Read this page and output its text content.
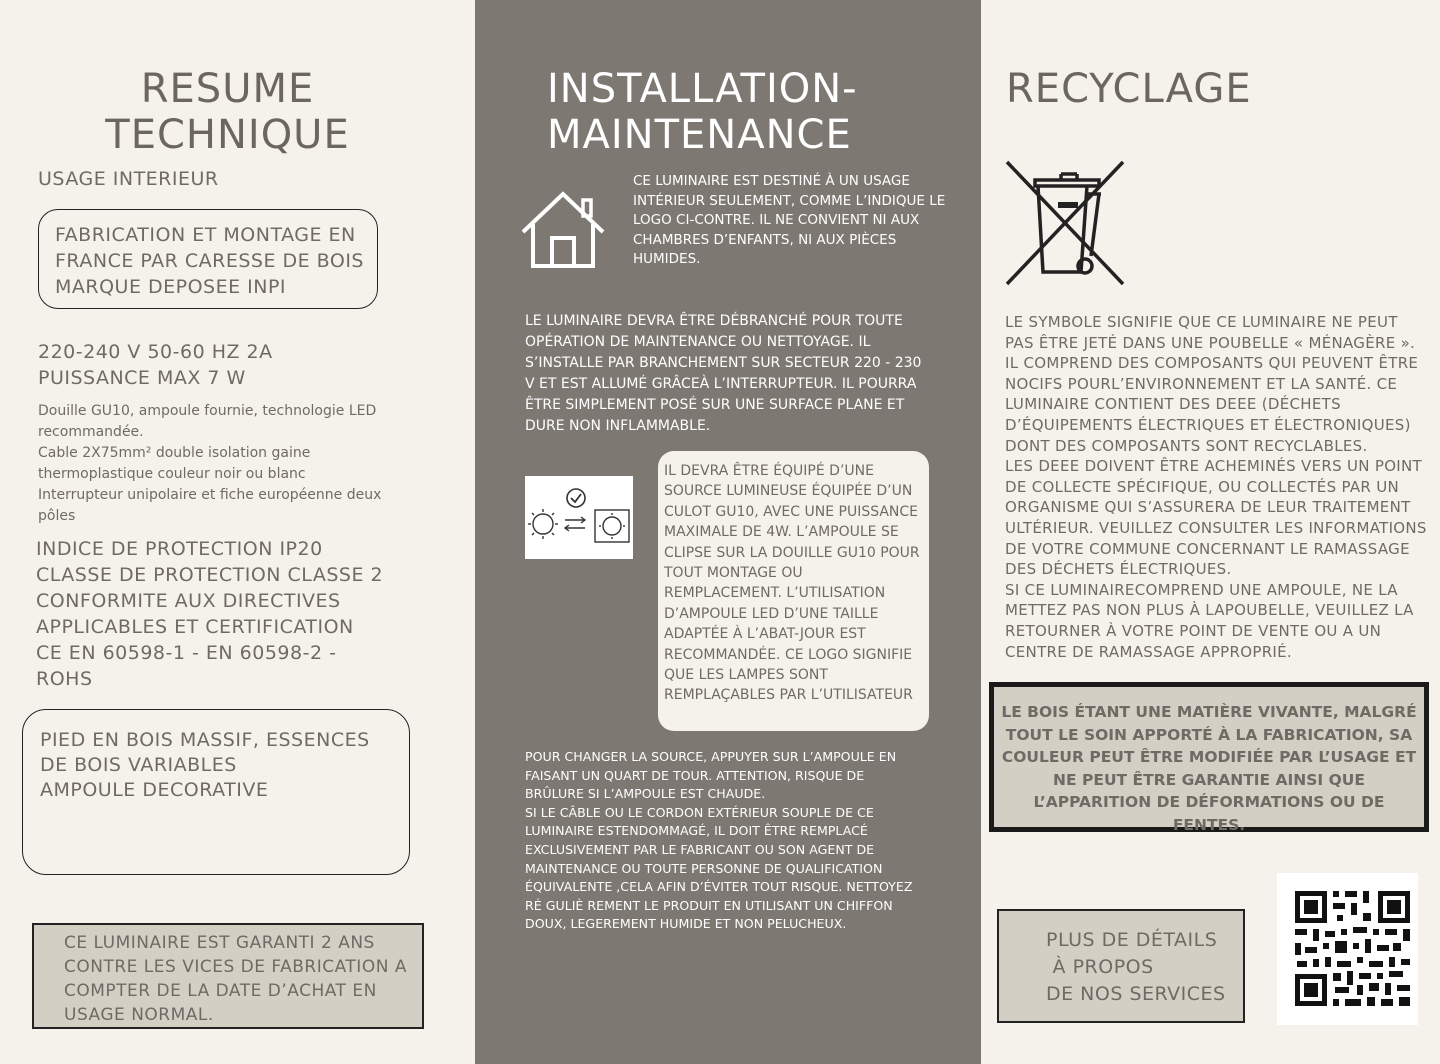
RESUME
TECHNIQUE
USAGE INTERIEUR
FABRICATION ET MONTAGE EN
FRANCE PAR CARESSE DE BOIS
MARQUE DEPOSEE INPI
220-240 V 50-60 HZ 2A
PUISSANCE MAX 7 W
Douille GU10, ampoule fournie, technologie LED recommandée.
Cable 2X75mm² double isolation gaine thermoplastique couleur noir ou blanc
Interrupteur unipolaire et fiche européenne deux pôles
INDICE DE PROTECTION IP20
CLASSE DE PROTECTION CLASSE 2
CONFORMITE AUX DIRECTIVES
APPLICABLES ET CERTIFICATION
CE EN 60598-1 - EN 60598-2 -
ROHS
PIED EN BOIS MASSIF, ESSENCES
DE BOIS VARIABLES
AMPOULE DECORATIVE
CE LUMINAIRE EST GARANTI 2 ANS
CONTRE LES VICES DE FABRICATION A
COMPTER DE LA DATE D’ACHAT EN
USAGE NORMAL.
INSTALLATION-
MAINTENANCE
CE LUMINAIRE EST DESTINÉ À UN USAGE INTÉRIEUR SEULEMENT, COMME L’INDIQUE LE LOGO CI-CONTRE. IL NE CONVIENT NI AUX CHAMBRES D’ENFANTS, NI AUX PIÈCES HUMIDES.
LE LUMINAIRE DEVRA ÊTRE DÉBRANCHÉ POUR TOUTE OPÉRATION DE MAINTENANCE OU NETTOYAGE. IL S’INSTALLE PAR BRANCHEMENT SUR SECTEUR 220 - 230 V ET EST ALLUMÉ GRÂCEÀ L’INTERRUPTEUR. IL POURRA ÊTRE SIMPLEMENT POSÉ SUR UNE SURFACE PLANE ET DURE NON INFLAMMABLE.
IL DEVRA ÊTRE ÉQUIPÉ D’UNE SOURCE LUMINEUSE ÉQUIPÉE D’UN CULOT GU10, AVEC UNE PUISSANCE MAXIMALE DE 4W. L’AMPOULE SE CLIPSE SUR LA DOUILLE GU10 POUR TOUT MONTAGE OU REMPLACEMENT. L’UTILISATION D’AMPOULE LED D’UNE TAILLE ADAPTÉE À L’ABAT-JOUR EST RECOMMANDÉE. CE LOGO SIGNIFIE QUE LES LAMPES SONT REMPLAÇABLES PAR L’UTILISATEUR
POUR CHANGER LA SOURCE, APPUYER SUR L’AMPOULE EN
FAISANT UN QUART DE TOUR. ATTENTION, RISQUE DE
BRÛLURE SI L’AMPOULE EST CHAUDE.
SI LE CÂBLE OU LE CORDON EXTÉRIEUR SOUPLE DE CE
LUMINAIRE ESTENDOMMAGÉ, IL DOIT ÊTRE REMPLACÉ
EXCLUSIVEMENT PAR LE FABRICANT OU SON AGENT DE
MAINTENANCE OU TOUTE PERSONNE DE QUALIFICATION
ÉQUIVALENTE ,CELA AFIN D’ÉVITER TOUT RISQUE. NETTOYEZ
RÉ GULIÈ REMENT LE PRODUIT EN UTILISANT UN CHIFFON
DOUX, LEGEREMENT HUMIDE ET NON PELUCHEUX.
RECYCLAGE
LE SYMBOLE SIGNIFIE QUE CE LUMINAIRE NE PEUT
PAS ÊTRE JETÉ DANS UNE POUBELLE « MÉNAGÈRE ».
IL COMPREND DES COMPOSANTS QUI PEUVENT ÊTRE
NOCIFS POURL’ENVIRONNEMENT ET LA SANTÉ. CE
LUMINAIRE CONTIENT DES DEEE (DÉCHETS
D’ÉQUIPEMENTS ÉLECTRIQUES ET ÉLECTRONIQUES)
DONT DES COMPOSANTS SONT RECYCLABLES.
LES DEEE DOIVENT ÊTRE ACHEMINÉS VERS UN POINT
DE COLLECTE SPÉCIFIQUE, OU COLLECTÉS PAR UN
ORGANISME QUI S’ASSURERA DE LEUR TRAITEMENT
ULTÉRIEUR. VEUILLEZ CONSULTER LES INFORMATIONS
DE VOTRE COMMUNE CONCERNANT LE RAMASSAGE
DES DÉCHETS ÉLECTRIQUES.
SI CE LUMINAIRECOMPREND UNE AMPOULE, NE LA
METTEZ PAS NON PLUS À LAPOUBELLE, VEUILLEZ LA
RETOURNER À VOTRE POINT DE VENTE OU A UN
CENTRE DE RAMASSAGE APPROPRIÉ.
LE BOIS ÉTANT UNE MATIÈRE VIVANTE, MALGRÉ
TOUT LE SOIN APPORTÉ À LA FABRICATION, SA
COULEUR PEUT ÊTRE MODIFIÉE PAR L’USAGE ET
NE PEUT ÊTRE GARANTIE AINSI QUE
L’APPARITION DE DÉFORMATIONS OU DE FENTES.
PLUS DE DÉTAILS
À PROPOS
DE NOS SERVICES
